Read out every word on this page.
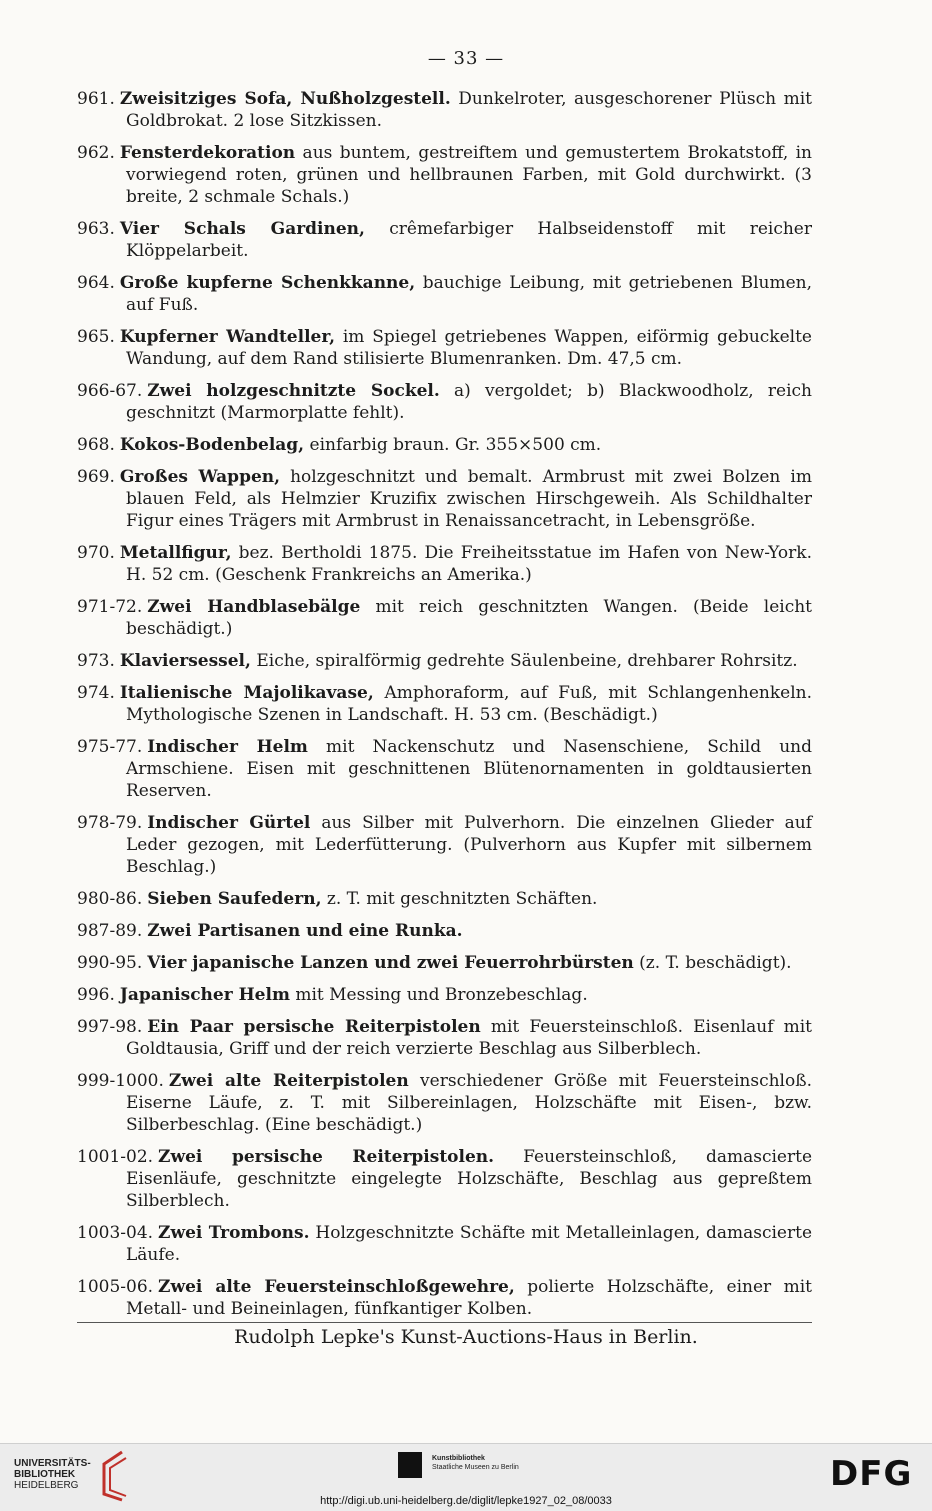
— 33 —
961. Zweisitziges Sofa, Nußholzgestell. Dunkelroter, ausgeschorener Plüsch mit Goldbrokat. 2 lose Sitzkissen.
962. Fensterdekoration aus buntem, gestreiftem und gemustertem Brokatstoff, in vorwiegend roten, grünen und hellbraunen Farben, mit Gold durchwirkt. (3 breite, 2 schmale Schals.)
963. Vier Schals Gardinen, crêmefarbiger Halbseidenstoff mit reicher Klöppelarbeit.
964. Große kupferne Schenkkanne, bauchige Leibung, mit getriebenen Blumen, auf Fuß.
965. Kupferner Wandteller, im Spiegel getriebenes Wappen, eiförmig gebuckelte Wandung, auf dem Rand stilisierte Blumenranken. Dm. 47,5 cm.
966-67. Zwei holzgeschnitzte Sockel. a) vergoldet; b) Blackwoodholz, reich geschnitzt (Marmorplatte fehlt).
968. Kokos-Bodenbelag, einfarbig braun. Gr. 355×500 cm.
969. Großes Wappen, holzgeschnitzt und bemalt. Armbrust mit zwei Bolzen im blauen Feld, als Helmzier Kruzifix zwischen Hirschgeweih. Als Schildhalter Figur eines Trägers mit Armbrust in Renaissancetracht, in Lebensgröße.
970. Metallfigur, bez. Bertholdi 1875. Die Freiheitsstatue im Hafen von New-York. H. 52 cm. (Geschenk Frankreichs an Amerika.)
971-72. Zwei Handblasebälge mit reich geschnitzten Wangen. (Beide leicht beschädigt.)
973. Klaviersessel, Eiche, spiralförmig gedrehte Säulenbeine, drehbarer Rohrsitz.
974. Italienische Majolikavase, Amphoraform, auf Fuß, mit Schlangenhenkeln. Mythologische Szenen in Landschaft. H. 53 cm. (Beschädigt.)
975-77. Indischer Helm mit Nackenschutz und Nasenschiene, Schild und Armschiene. Eisen mit geschnittenen Blütenornamenten in goldtausierten Reserven.
978-79. Indischer Gürtel aus Silber mit Pulverhorn. Die einzelnen Glieder auf Leder gezogen, mit Lederfütterung. (Pulverhorn aus Kupfer mit silbernem Beschlag.)
980-86. Sieben Saufedern, z. T. mit geschnitzten Schäften.
987-89. Zwei Partisanen und eine Runka.
990-95. Vier japanische Lanzen und zwei Feuerrohrbürsten (z. T. beschädigt).
996. Japanischer Helm mit Messing und Bronzebeschlag.
997-98. Ein Paar persische Reiterpistolen mit Feuersteinschloß. Eisenlauf mit Goldtausia, Griff und der reich verzierte Beschlag aus Silberblech.
999-1000. Zwei alte Reiterpistolen verschiedener Größe mit Feuersteinschloß. Eiserne Läufe, z. T. mit Silbereinlagen, Holzschäfte mit Eisen-, bzw. Silberbeschlag. (Eine beschädigt.)
1001-02. Zwei persische Reiterpistolen. Feuersteinschloß, damascierte Eisenläufe, geschnitzte eingelegte Holzschäfte, Beschlag aus gepreßtem Silberblech.
1003-04. Zwei Trombons. Holzgeschnitzte Schäfte mit Metalleinlagen, damascierte Läufe.
1005-06. Zwei alte Feuersteinschloßgewehre, polierte Holzschäfte, einer mit Metall- und Beineinlagen, fünfkantiger Kolben.
Rudolph Lepke's Kunst-Auctions-Haus in Berlin.
UNIVERSITÄTS-
BIBLIOTHEK
HEIDELBERG
Kunstbibliothek
Staatliche Museen zu Berlin	DFG
http://digi.ub.uni-heidelberg.de/diglit/lepke1927_02_08/0033
